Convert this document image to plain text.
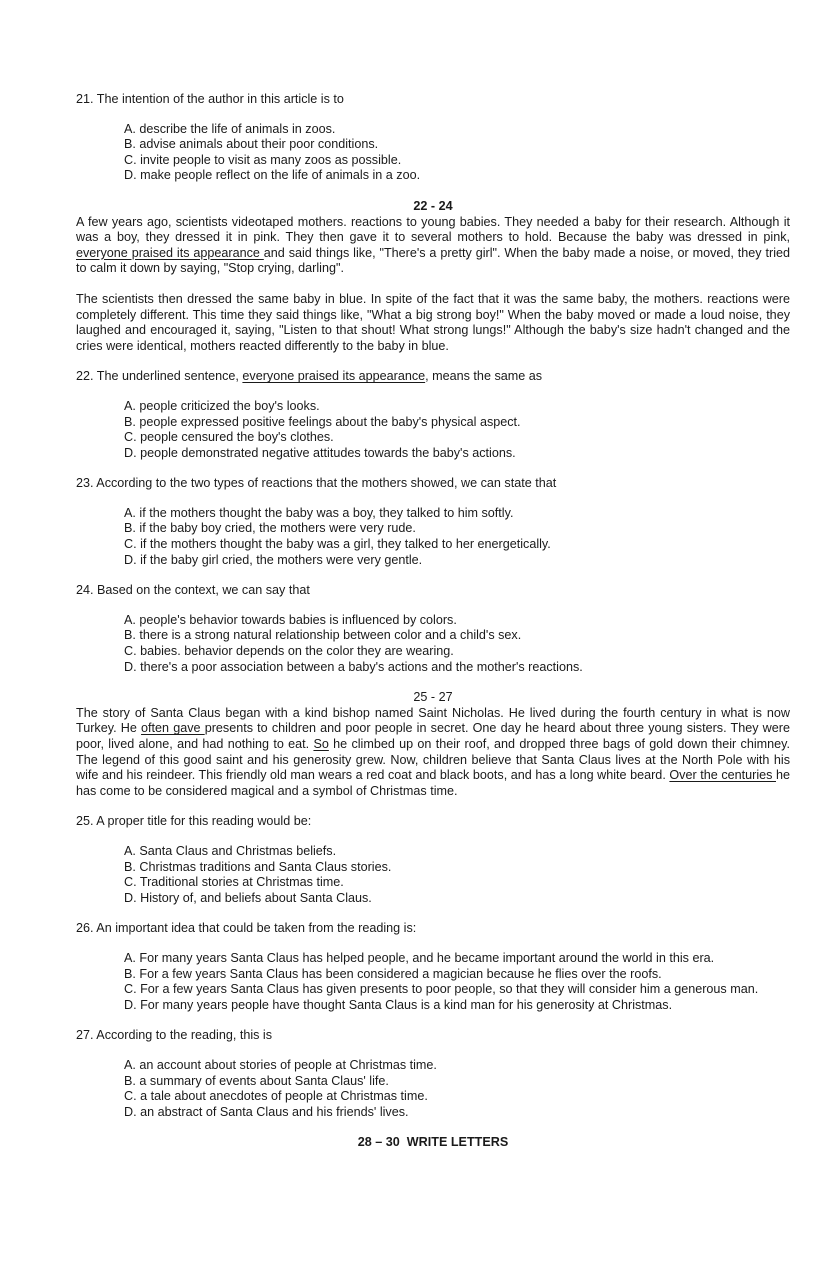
21. The intention of the author in this article is to

A. describe the life of animals in zoos.
B. advise animals about their poor conditions.
C. invite people to visit as many zoos as possible.
D. make people reflect on the life of animals in a zoo.
22 - 24

A few years ago, scientists videotaped mothers. reactions to young babies. They needed a baby for their research. Although it was a boy, they dressed it in pink. They then gave it to several mothers to hold. Because the baby was dressed in pink, everyone praised its appearance and said things like, "There's a pretty girl". When the baby made a noise, or moved, they tried to calm it down by saying, "Stop crying, darling".

The scientists then dressed the same baby in blue. In spite of the fact that it was the same baby, the mothers. reactions were completely different. This time they said things like, "What a big strong boy!" When the baby moved or made a loud noise, they laughed and encouraged it, saying, "Listen to that shout! What strong lungs!" Although the baby's size hadn't changed and the cries were identical, mothers reacted differently to the baby in blue.

22. The underlined sentence, everyone praised its appearance, means the same as

A. people criticized the boy's looks.
B. people expressed positive feelings about the baby's physical aspect.
C. people censured the boy's clothes.
D. people demonstrated negative attitudes towards the baby's actions.

23. According to the two types of reactions that the mothers showed, we can state that

A. if the mothers thought the baby was a boy, they talked to him softly.
B. if the baby boy cried, the mothers were very rude.
C. if the mothers thought the baby was a girl, they talked to her energetically.
D. if the baby girl cried, the mothers were very gentle.

24. Based on the context, we can say that

A. people's behavior towards babies is influenced by colors.
B. there is a strong natural relationship between color and a child's sex.
C. babies. behavior depends on the color they are wearing.
D. there's a poor association between a baby's actions and the mother's reactions.
25 - 27

The story of Santa Claus began with a kind bishop named Saint Nicholas. He lived during the fourth century in what is now Turkey. He often gave presents to children and poor people in secret. One day he heard about three young sisters. They were poor, lived alone, and had nothing to eat. So he climbed up on their roof, and dropped three bags of gold down their chimney. The legend of this good saint and his generosity grew. Now, children believe that Santa Claus lives at the North Pole with his wife and his reindeer. This friendly old man wears a red coat and black boots, and has a long white beard. Over the centuries he has come to be considered magical and a symbol of Christmas time.

25. A proper title for this reading would be:

A. Santa Claus and Christmas beliefs.
B. Christmas traditions and Santa Claus stories.
C. Traditional stories at Christmas time.
D. History of, and beliefs about Santa Claus.

26. An important idea that could be taken from the reading is:

A. For many years Santa Claus has helped people, and he became important around the world in this era.
B. For a few years Santa Claus has been considered a magician because he flies over the roofs.
C. For a few years Santa Claus has given presents to poor people, so that they will consider him a generous man.
D. For many years people have thought Santa Claus is a kind man for his generosity at Christmas.

27. According to the reading, this is

A. an account about stories of people at Christmas time.
B. a summary of events about Santa Claus' life.
C. a tale about anecdotes of people at Christmas time.
D. an abstract of Santa Claus and his friends' lives.
28 – 30  WRITE LETTERS
